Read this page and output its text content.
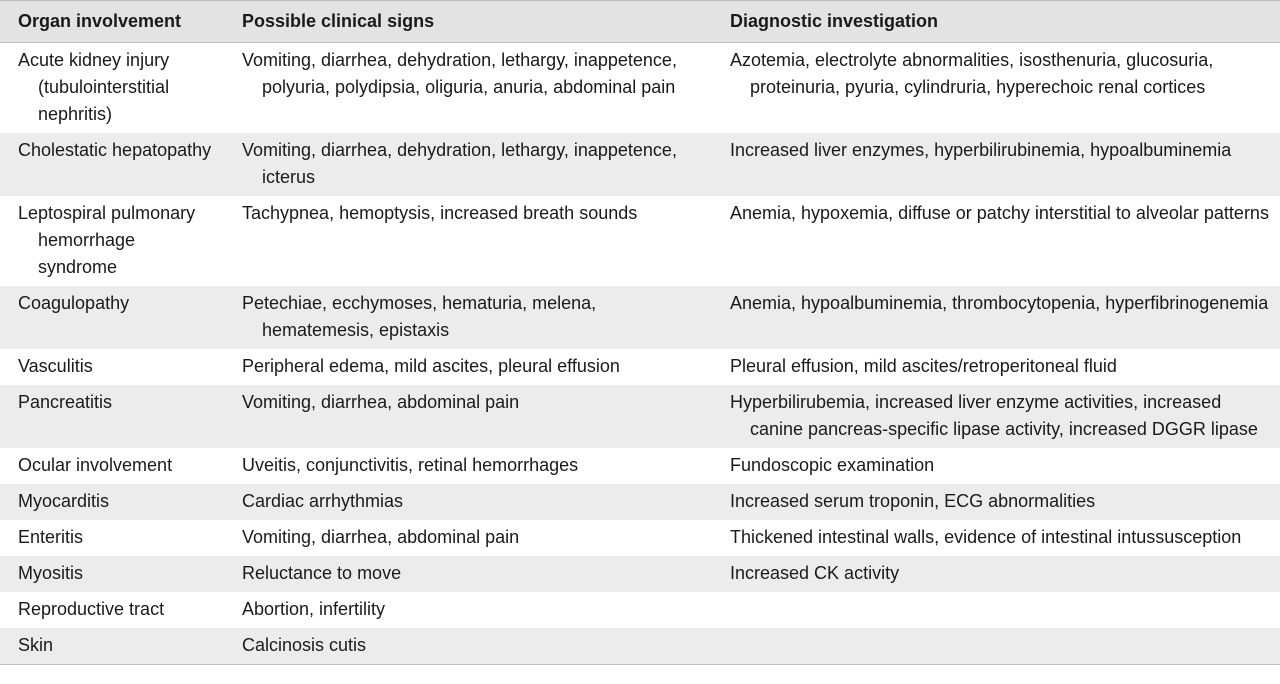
Organ involvement	Possible clinical signs	Diagnostic investigation

Acute kidney injury (tubulointerstitial nephritis)	Vomiting, diarrhea, dehydration, lethargy, inappetence, polyuria, polydipsia, oliguria, anuria, abdominal pain	Azotemia, electrolyte abnormalities, isosthenuria, glucosuria, proteinuria, pyuria, cylindruria, hyperechoic renal cortices

Cholestatic hepatopathy	Vomiting, diarrhea, dehydration, lethargy, inappetence, icterus	Increased liver enzymes, hyperbilirubinemia, hypoalbuminemia

Leptospiral pulmonary hemorrhage syndrome	Tachypnea, hemoptysis, increased breath sounds	Anemia, hypoxemia, diffuse or patchy interstitial to alveolar patterns

Coagulopathy	Petechiae, ecchymoses, hematuria, melena, hematemesis, epistaxis	Anemia, hypoalbuminemia, thrombocytopenia, hyperfibrinogenemia

Vasculitis	Peripheral edema, mild ascites, pleural effusion	Pleural effusion, mild ascites/retroperitoneal fluid

Pancreatitis	Vomiting, diarrhea, abdominal pain	Hyperbilirubemia, increased liver enzyme activities, increased canine pancreas-specific lipase activity, increased DGGR lipase

Ocular involvement	Uveitis, conjunctivitis, retinal hemorrhages	Fundoscopic examination

Myocarditis	Cardiac arrhythmias	Increased serum troponin, ECG abnormalities

Enteritis	Vomiting, diarrhea, abdominal pain	Thickened intestinal walls, evidence of intestinal intussusception

Myositis	Reluctance to move	Increased CK activity

Reproductive tract	Abortion, infertility	

Skin	Calcinosis cutis	
